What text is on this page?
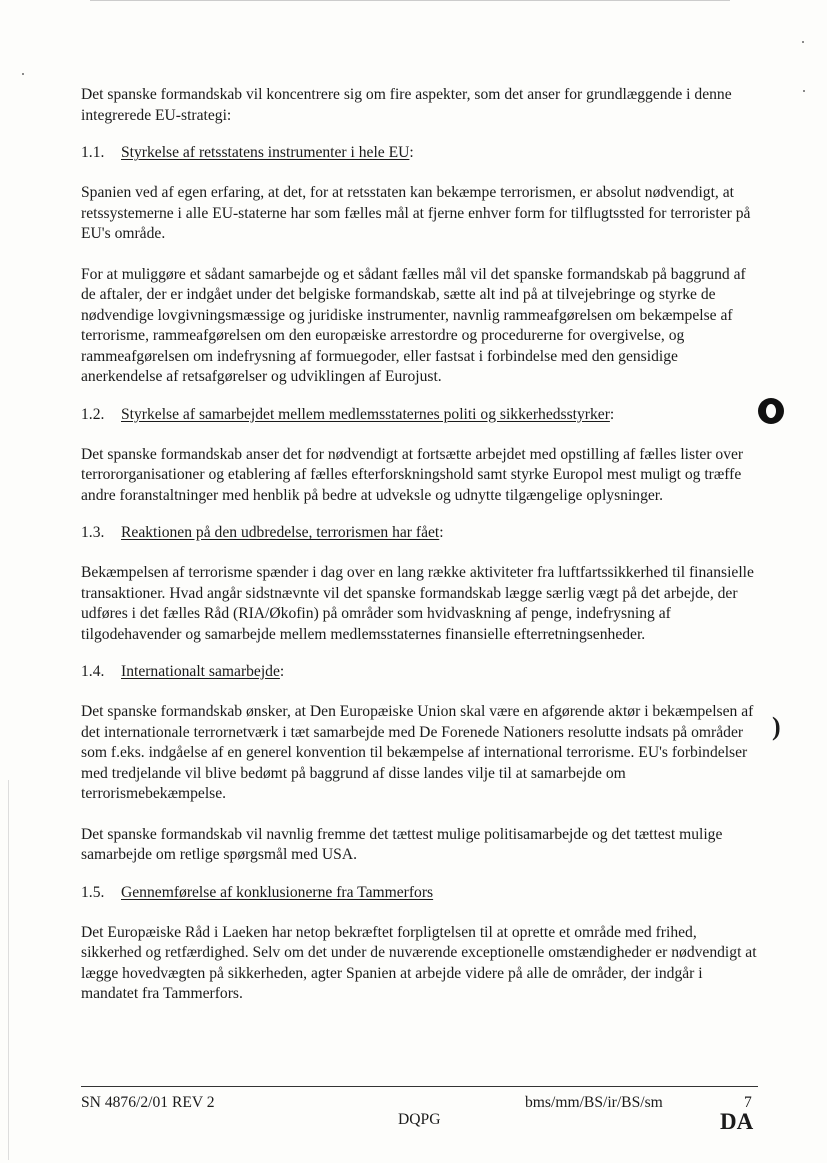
)

Det spanske formandskab vil koncentrere sig om fire aspekter, som det anser for grundlæggende i denne integrerede EU-strategi:

1.1.	Styrkelse af retsstatens instrumenter i hele EU:

Spanien ved af egen erfaring, at det, for at retsstaten kan bekæmpe terrorismen, er absolut nødvendigt, at retssystemerne i alle EU-staterne har som fælles mål at fjerne enhver form for tilflugtssted for terrorister på EU's område.

For at muliggøre et sådant samarbejde og et sådant fælles mål vil det spanske formandskab på baggrund af de aftaler, der er indgået under det belgiske formandskab, sætte alt ind på at tilvejebringe og styrke de nødvendige lovgivningsmæssige og juridiske instrumenter, navnlig rammeafgørelsen om bekæmpelse af terrorisme, rammeafgørelsen om den europæiske arrestordre og procedurerne for overgivelse, og rammeafgørelsen om indefrysning af formuegoder, eller fastsat i forbindelse med den gensidige anerkendelse af retsafgørelser og udviklingen af Eurojust.

1.2.	Styrkelse af samarbejdet mellem medlemsstaternes politi og sikkerhedsstyrker:

Det spanske formandskab anser det for nødvendigt at fortsætte arbejdet med opstilling af fælles lister over terrororganisationer og etablering af fælles efterforskningshold samt styrke Europol mest muligt og træffe andre foranstaltninger med henblik på bedre at udveksle og udnytte tilgængelige oplysninger.

1.3.	Reaktionen på den udbredelse, terrorismen har fået:

Bekæmpelsen af terrorisme spænder i dag over en lang række aktiviteter fra luftfartssikkerhed til finansielle transaktioner. Hvad angår sidstnævnte vil det spanske formandskab lægge særlig vægt på det arbejde, der udføres i det fælles Råd (RIA/Økofin) på områder som hvidvaskning af penge, indefrysning af tilgodehavender og samarbejde mellem medlemsstaternes finansielle efterretningsenheder.

1.4.	Internationalt samarbejde:

Det spanske formandskab ønsker, at Den Europæiske Union skal være en afgørende aktør i bekæmpelsen af det internationale terrornetværk i tæt samarbejde med De Forenede Nationers resolutte indsats på områder som f.eks. indgåelse af en generel konvention til bekæmpelse af international terrorisme. EU's forbindelser med tredjelande vil blive bedømt på baggrund af disse landes vilje til at samarbejde om terrorismebekæmpelse.

Det spanske formandskab vil navnlig fremme det tættest mulige politisamarbejde og det tættest mulige samarbejde om retlige spørgsmål med USA.

1.5.	Gennemførelse af konklusionerne fra Tammerfors

Det Europæiske Råd i Laeken har netop bekræftet forpligtelsen til at oprette et område med frihed, sikkerhed og retfærdighed. Selv om det under de nuværende exceptionelle omstændigheder er nødvendigt at lægge hovedvægten på sikkerheden, agter Spanien at arbejde videre på alle de områder, der indgår i mandatet fra Tammerfors.

SN 4876/2/01 REV 2
DQPG
bms/mm/BS/ir/BS/sm	7
DA
